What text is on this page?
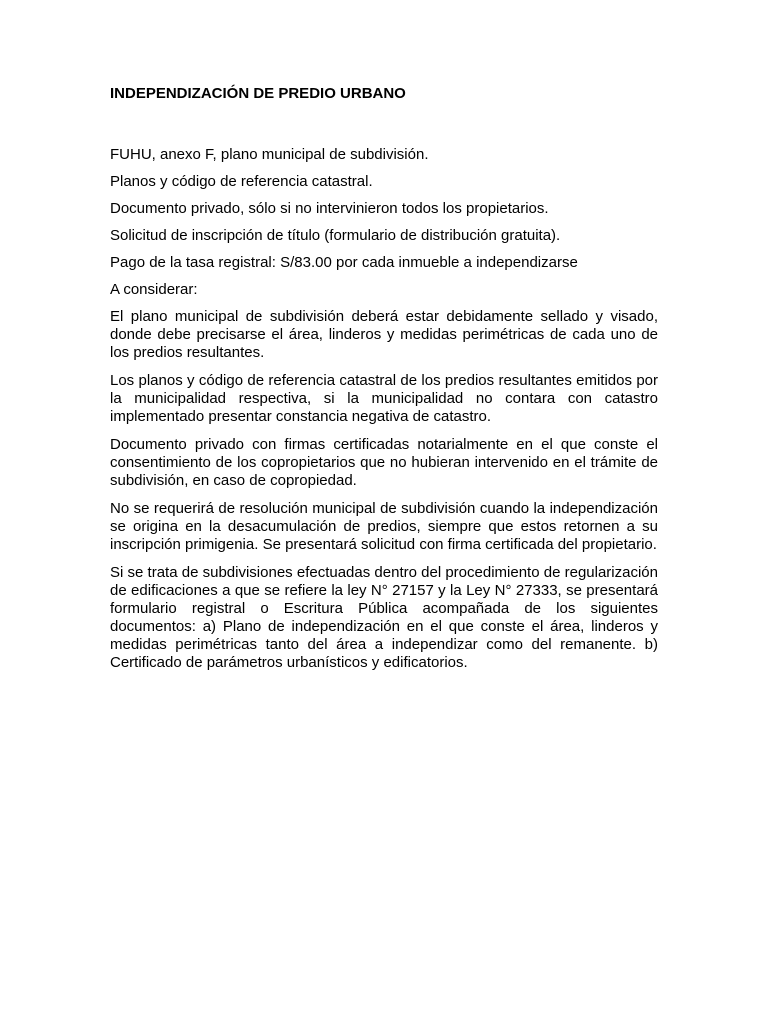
INDEPENDIZACIÓN DE PREDIO URBANO
FUHU, anexo F, plano municipal de subdivisión.
Planos y código de referencia catastral.
Documento privado, sólo si no intervinieron todos los propietarios.
Solicitud de inscripción de título (formulario de distribución gratuita).
Pago de la tasa registral: S/83.00 por cada inmueble a independizarse
A considerar:
El plano municipal de subdivisión deberá estar debidamente sellado y visado, donde debe precisarse el área, linderos y medidas perimétricas de cada uno de los predios resultantes.
Los planos y código de referencia catastral de los predios resultantes emitidos por la municipalidad respectiva, si la municipalidad no contara con catastro implementado presentar constancia negativa de catastro.
Documento privado con firmas certificadas notarialmente en el que conste el consentimiento de los copropietarios que no hubieran intervenido en el trámite de subdivisión, en caso de copropiedad.
No se requerirá de resolución municipal de subdivisión cuando la independización se origina en la desacumulación de predios, siempre que estos retornen a su inscripción primigenia. Se presentará solicitud con firma certificada del propietario.
Si se trata de subdivisiones efectuadas dentro del procedimiento de regularización de edificaciones a que se refiere la ley N° 27157 y la Ley N° 27333, se presentará formulario registral o Escritura Pública acompañada de los siguientes documentos: a) Plano de independización en el que conste el área, linderos y medidas perimétricas tanto del área a independizar como del remanente. b) Certificado de parámetros urbanísticos y edificatorios.
